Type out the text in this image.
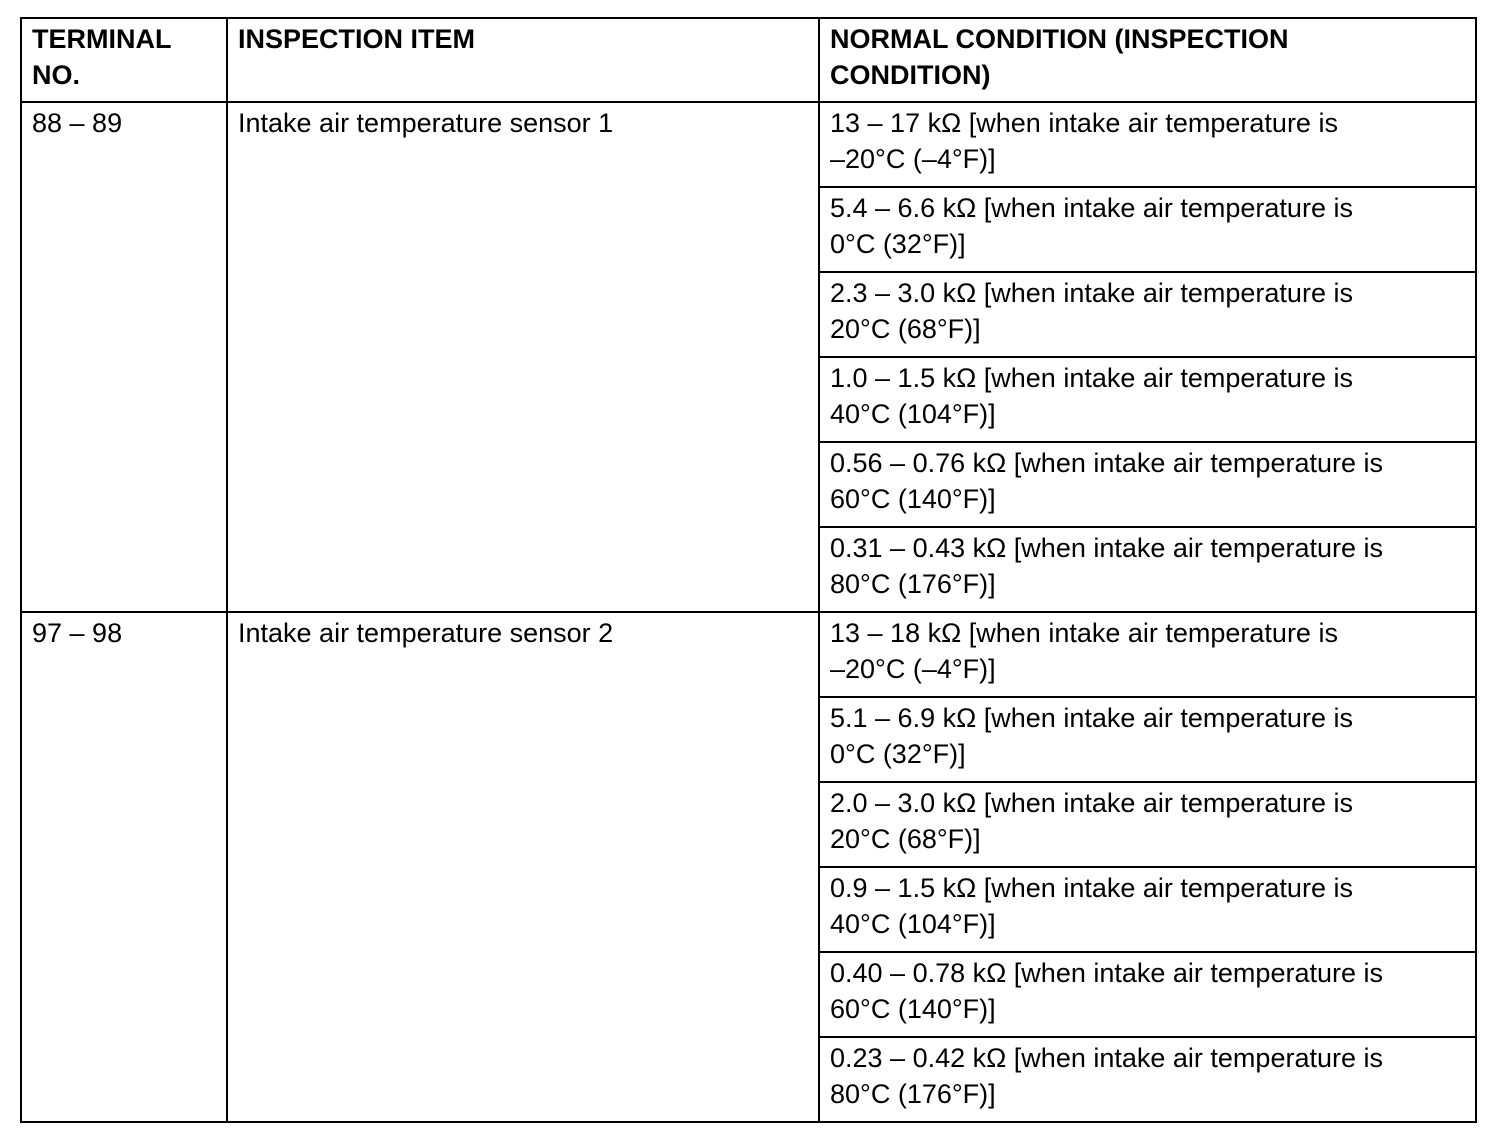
TERMINAL
NO.	INSPECTION ITEM	NORMAL CONDITION (INSPECTION
CONDITION)

88 – 89	Intake air temperature sensor 1	13 – 17 kΩ [when intake air temperature is
–20°C (–4°F)]

		5.4 – 6.6 kΩ [when intake air temperature is
0°C (32°F)]

		2.3 – 3.0 kΩ [when intake air temperature is
20°C (68°F)]

		1.0 – 1.5 kΩ [when intake air temperature is
40°C (104°F)]

		0.56 – 0.76 kΩ [when intake air temperature is
60°C (140°F)]

		0.31 – 0.43 kΩ [when intake air temperature is
80°C (176°F)]

97 – 98	Intake air temperature sensor 2	13 – 18 kΩ [when intake air temperature is
–20°C (–4°F)]

		5.1 – 6.9 kΩ [when intake air temperature is
0°C (32°F)]

		2.0 – 3.0 kΩ [when intake air temperature is
20°C (68°F)]

		0.9 – 1.5 kΩ [when intake air temperature is
40°C (104°F)]

		0.40 – 0.78 kΩ [when intake air temperature is
60°C (140°F)]

		0.23 – 0.42 kΩ [when intake air temperature is
80°C (176°F)]
